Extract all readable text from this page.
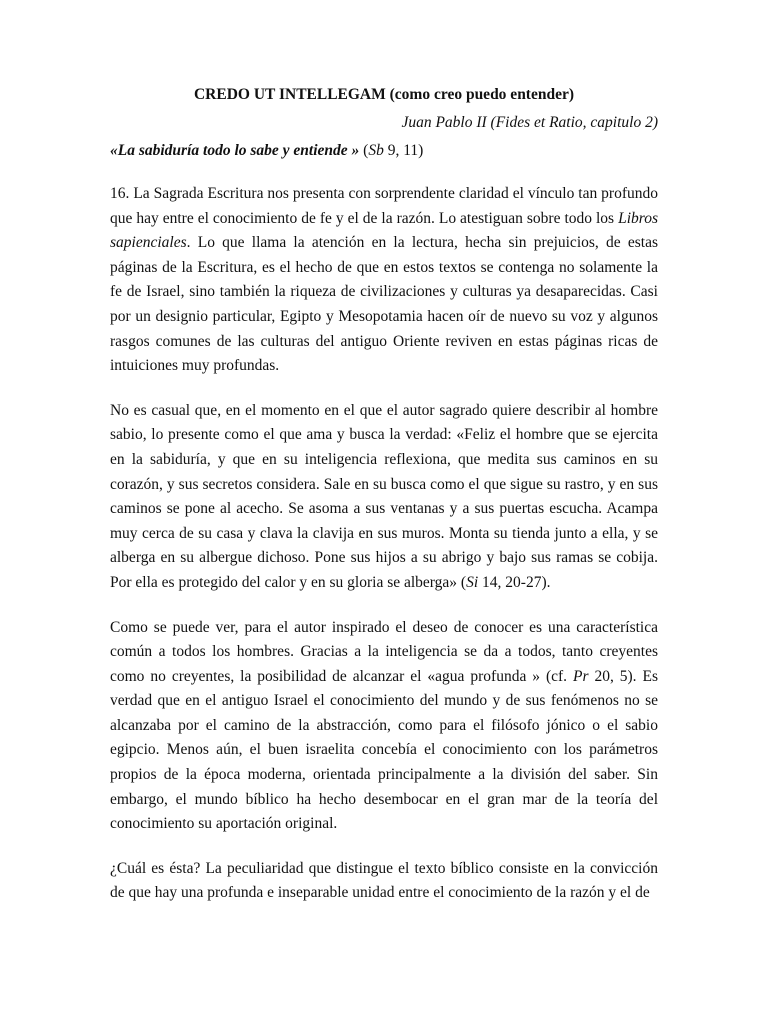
CREDO UT INTELLEGAM (como creo puedo entender)
Juan Pablo II (Fides et Ratio, capitulo 2)
«La sabiduría todo lo sabe y entiende » (Sb 9, 11)

16. La Sagrada Escritura nos presenta con sorprendente claridad el vínculo tan profundo que hay entre el conocimiento de fe y el de la razón. Lo atestiguan sobre todo los Libros sapienciales. Lo que llama la atención en la lectura, hecha sin prejuicios, de estas páginas de la Escritura, es el hecho de que en estos textos se contenga no solamente la fe de Israel, sino también la riqueza de civilizaciones y culturas ya desaparecidas. Casi por un designio particular, Egipto y Mesopotamia hacen oír de nuevo su voz y algunos rasgos comunes de las culturas del antiguo Oriente reviven en estas páginas ricas de intuiciones muy profundas.

No es casual que, en el momento en el que el autor sagrado quiere describir al hombre sabio, lo presente como el que ama y busca la verdad: «Feliz el hombre que se ejercita en la sabiduría, y que en su inteligencia reflexiona, que medita sus caminos en su corazón, y sus secretos considera. Sale en su busca como el que sigue su rastro, y en sus caminos se pone al acecho. Se asoma a sus ventanas y a sus puertas escucha. Acampa muy cerca de su casa y clava la clavija en sus muros. Monta su tienda junto a ella, y se alberga en su albergue dichoso. Pone sus hijos a su abrigo y bajo sus ramas se cobija. Por ella es protegido del calor y en su gloria se alberga» (Si 14, 20-27).

Como se puede ver, para el autor inspirado el deseo de conocer es una característica común a todos los hombres. Gracias a la inteligencia se da a todos, tanto creyentes como no creyentes, la posibilidad de alcanzar el «agua profunda » (cf. Pr 20, 5). Es verdad que en el antiguo Israel el conocimiento del mundo y de sus fenómenos no se alcanzaba por el camino de la abstracción, como para el filósofo jónico o el sabio egipcio. Menos aún, el buen israelita concebía el conocimiento con los parámetros propios de la época moderna, orientada principalmente a la división del saber. Sin embargo, el mundo bíblico ha hecho desembocar en el gran mar de la teoría del conocimiento su aportación original.

¿Cuál es ésta? La peculiaridad que distingue el texto bíblico consiste en la convicción de que hay una profunda e inseparable unidad entre el conocimiento de la razón y el de
